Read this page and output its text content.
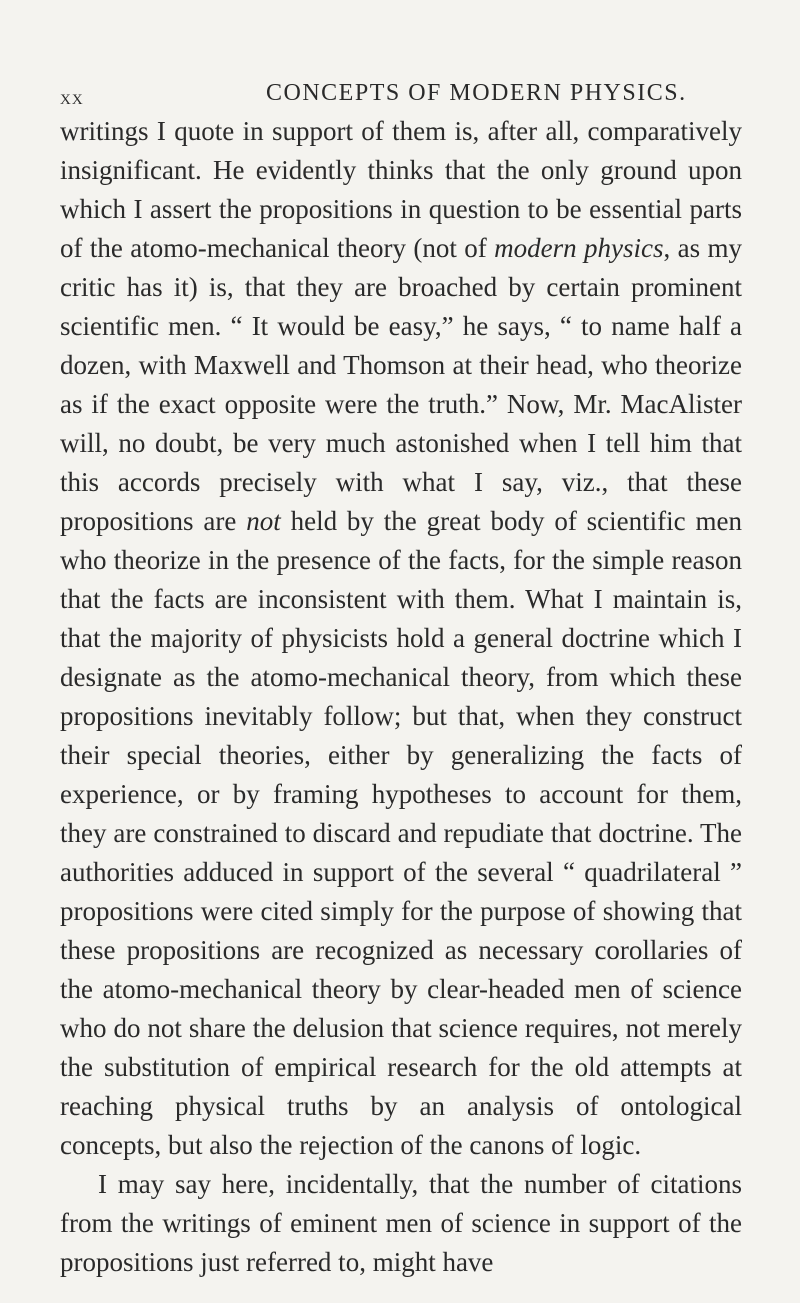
xx	CONCEPTS OF MODERN PHYSICS.

writings I quote in support of them is, after all, comparatively insignificant. He evidently thinks that the only ground upon which I assert the propositions in question to be essential parts of the atomo-mechanical theory (not of modern physics, as my critic has it) is, that they are broached by certain prominent scientific men. “ It would be easy,” he says, “ to name half a dozen, with Maxwell and Thomson at their head, who theorize as if the exact opposite were the truth.” Now, Mr. MacAlister will, no doubt, be very much astonished when I tell him that this accords precisely with what I say, viz., that these propositions are not held by the great body of scientific men who theorize in the presence of the facts, for the simple reason that the facts are inconsistent with them. What I maintain is, that the majority of physicists hold a general doctrine which I designate as the atomo-mechanical theory, from which these propositions inevitably follow; but that, when they construct their special theories, either by generalizing the facts of experience, or by framing hypotheses to account for them, they are constrained to discard and repudiate that doctrine. The authorities adduced in support of the several “ quadrilateral ” propositions were cited simply for the purpose of showing that these propositions are recognized as necessary corollaries of the atomo-mechanical theory by clear-headed men of science who do not share the delusion that science requires, not merely the substitution of empirical research for the old attempts at reaching physical truths by an analysis of ontological concepts, but also the rejection of the canons of logic.

I may say here, incidentally, that the number of citations from the writings of eminent men of science in support of the propositions just referred to, might have
